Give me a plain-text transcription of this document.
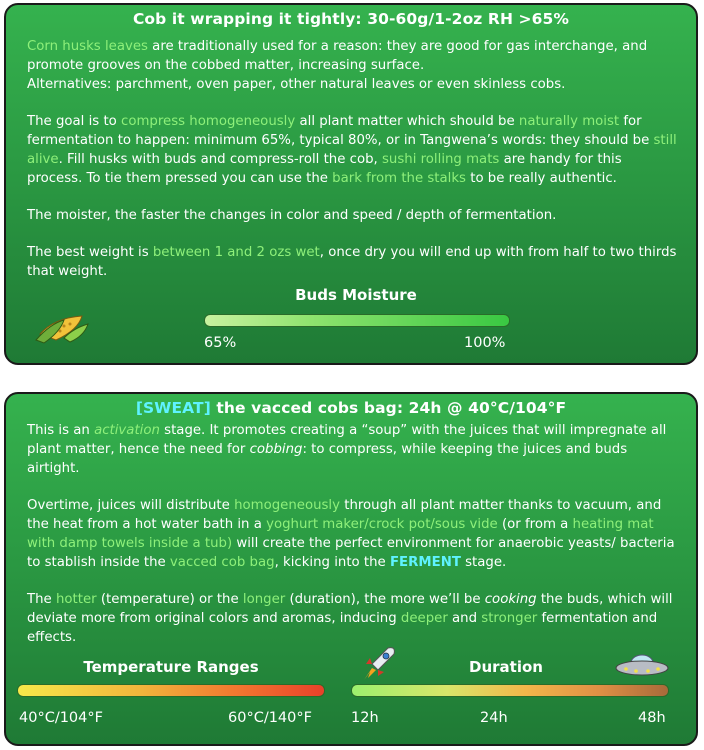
Cob it wrapping it tightly: 30-60g/1-2oz RH >65%

Corn husks leaves are traditionally used for a reason: they are good for gas interchange, and promote grooves on the cobbed matter, increasing surface.
Alternatives: parchment, oven paper, other natural leaves or even skinless cobs.

The goal is to compress homogeneously all plant matter which should be naturally moist for fermentation to happen: minimum 65%, typical 80%, or in Tangwena’s words: they should be still alive. Fill husks with buds and compress-roll the cob, sushi rolling mats are handy for this process. To tie them pressed you can use the bark from the stalks to be really authentic.

The moister, the faster the changes in color and speed / depth of fermentation.

The best weight is between 1 and 2 ozs wet, once dry you will end up with from half to two thirds that weight.

Buds Moisture
65%	100%
[SWEAT] the vacced cobs bag: 24h @ 40°C/104°F

This is an activation stage. It promotes creating a “soup” with the juices that will impregnate all plant matter, hence the need for cobbing: to compress, while keeping the juices and buds airtight.

Overtime, juices will distribute homogeneously through all plant matter thanks to vacuum, and the heat from a hot water bath in a yoghurt maker/crock pot/sous vide (or from a heating mat with damp towels inside a tub) will create the perfect environment for anaerobic yeasts/ bacteria to stablish inside the vacced cob bag, kicking into the FERMENT stage.

The hotter (temperature) or the longer (duration), the more we’ll be cooking the buds, which will deviate more from original colors and aromas, inducing deeper and stronger fermentation and effects.

Temperature Ranges
40°C/104°F	60°C/140°F
Duration
12h	24h	48h
